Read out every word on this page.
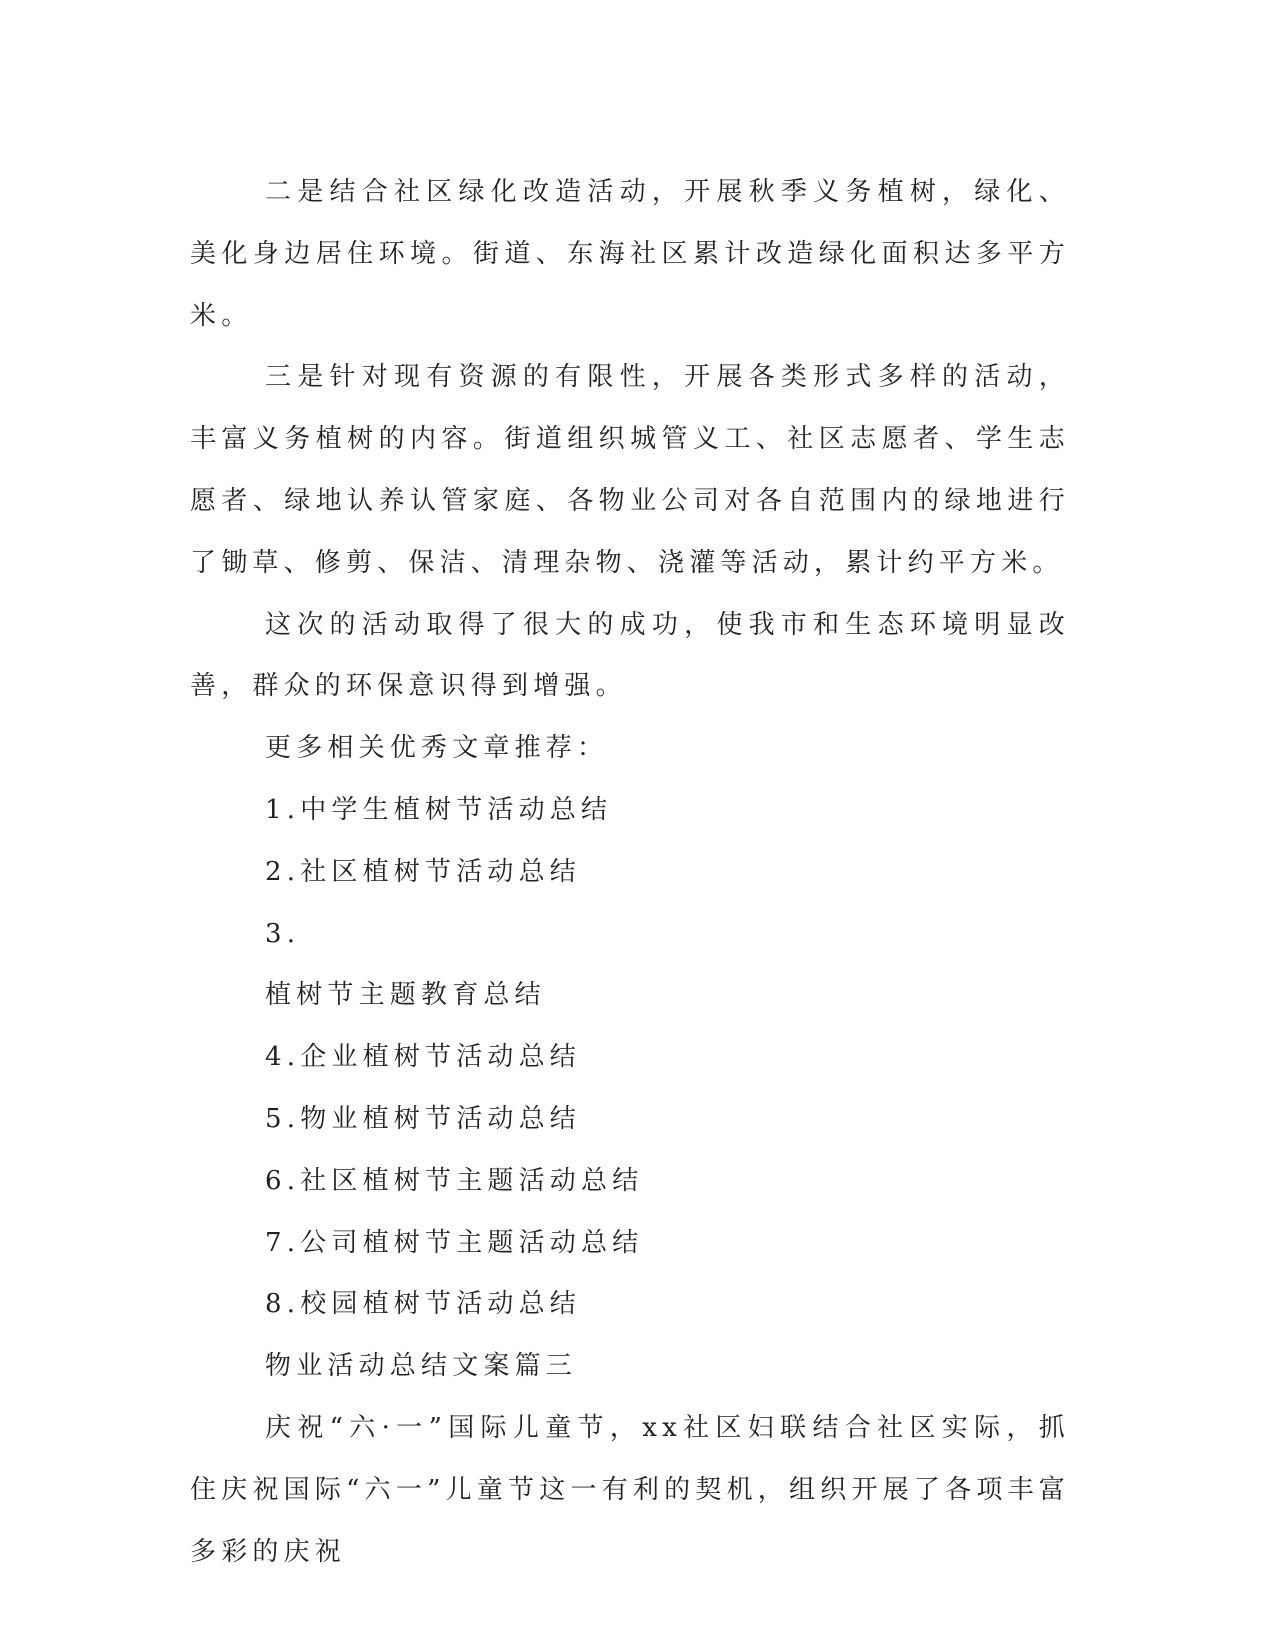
二是结合社区绿化改造活动，开展秋季义务植树，绿化、美化身边居住环境。街道、东海社区累计改造绿化面积达多平方米。

三是针对现有资源的有限性，开展各类形式多样的活动，丰富义务植树的内容。街道组织城管义工、社区志愿者、学生志愿者、绿地认养认管家庭、各物业公司对各自范围内的绿地进行了锄草、修剪、保洁、清理杂物、浇灌等活动，累计约平方米。

这次的活动取得了很大的成功，使我市和生态环境明显改善，群众的环保意识得到增强。

更多相关优秀文章推荐：

1.中学生植树节活动总结

2.社区植树节活动总结

3.

植树节主题教育总结

4.企业植树节活动总结

5.物业植树节活动总结

6.社区植树节主题活动总结

7.公司植树节主题活动总结

8.校园植树节活动总结

物业活动总结文案篇三

庆祝“六·一”国际儿童节，xx社区妇联结合社区实际，抓住庆祝国际“六一”儿童节这一有利的契机，组织开展了各项丰富多彩的庆祝
